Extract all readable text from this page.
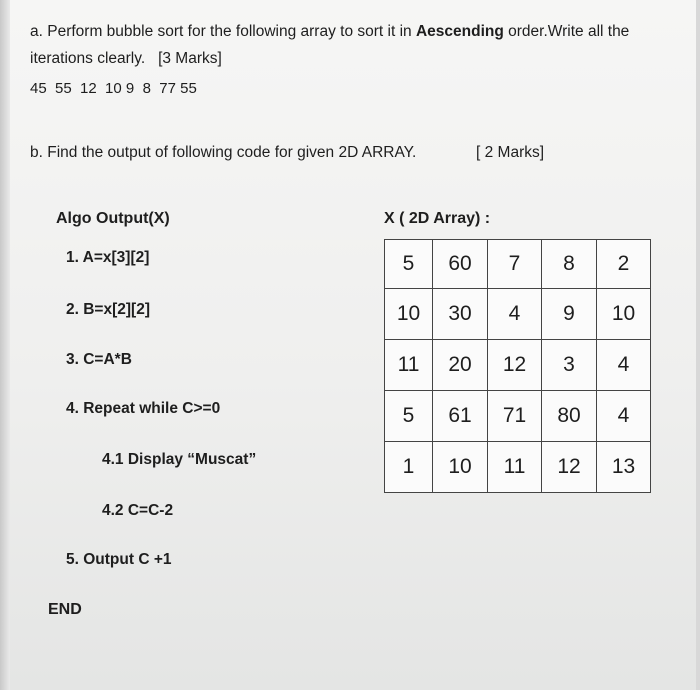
a. Perform bubble sort for the following array to sort it in Aescending order.Write all the iterations clearly. [3 Marks]
45  55  12  10 9  8  77 55
b. Find the output of following code for given 2D ARRAY.	[ 2 Marks]
Algo Output(X)
1. A=x[3][2]
2. B=x[2][2]
3. C=A*B
4. Repeat while C>=0
4.1 Display “Muscat”
4.2 C=C-2
5. Output C +1
END
X ( 2D Array) :
5	60	7	8	2
10	30	4	9	10
11	20	12	3	4
5	61	71	80	4
1	10	11	12	13
